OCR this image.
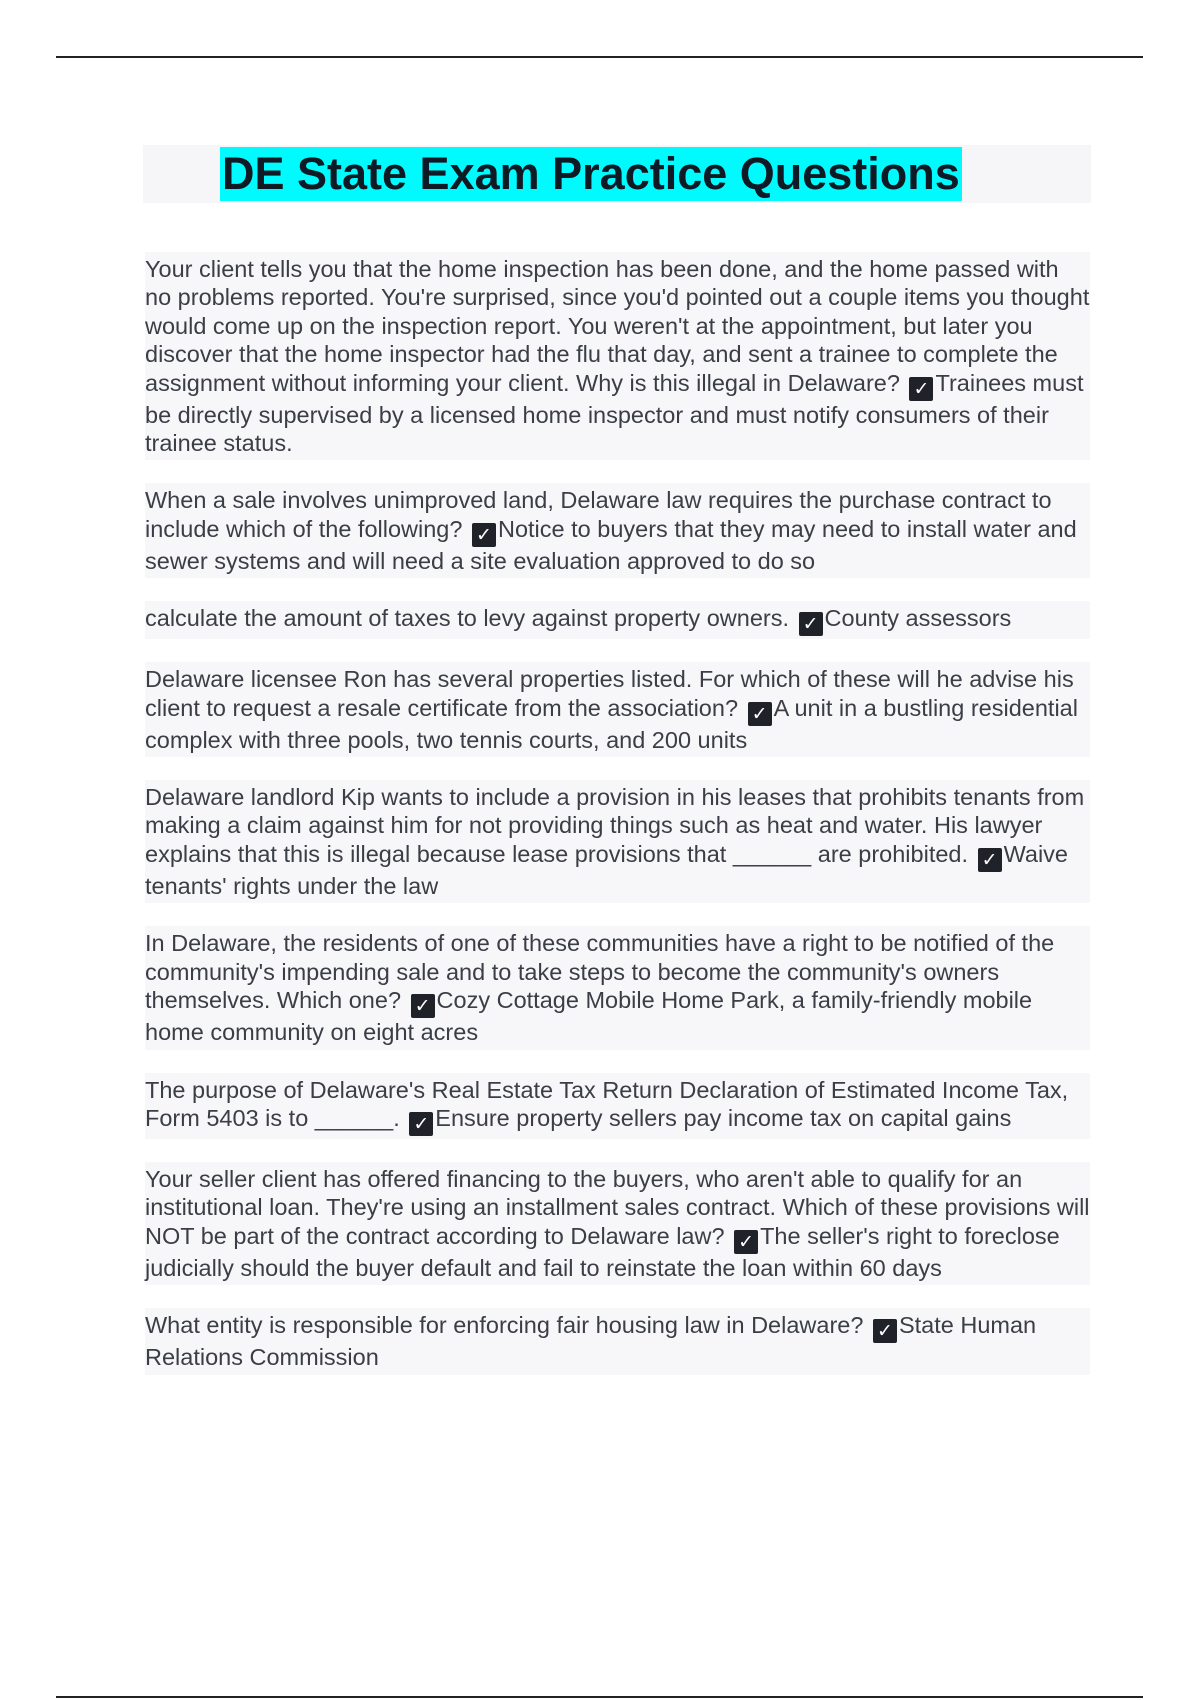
DE State Exam Practice Questions
Your client tells you that the home inspection has been done, and the home passed with no problems reported. You're surprised, since you'd pointed out a couple items you thought would come up on the inspection report. You weren't at the appointment, but later you discover that the home inspector had the flu that day, and sent a trainee to complete the assignment without informing your client. Why is this illegal in Delaware? ✓ Trainees must be directly supervised by a licensed home inspector and must notify consumers of their trainee status.
When a sale involves unimproved land, Delaware law requires the purchase contract to include which of the following? ✓ Notice to buyers that they may need to install water and sewer systems and will need a site evaluation approved to do so
calculate the amount of taxes to levy against property owners. ✓ County assessors
Delaware licensee Ron has several properties listed. For which of these will he advise his client to request a resale certificate from the association? ✓ A unit in a bustling residential complex with three pools, two tennis courts, and 200 units
Delaware landlord Kip wants to include a provision in his leases that prohibits tenants from making a claim against him for not providing things such as heat and water. His lawyer explains that this is illegal because lease provisions that ______ are prohibited. ✓ Waive tenants' rights under the law
In Delaware, the residents of one of these communities have a right to be notified of the community's impending sale and to take steps to become the community's owners themselves. Which one? ✓ Cozy Cottage Mobile Home Park, a family-friendly mobile home community on eight acres
The purpose of Delaware's Real Estate Tax Return Declaration of Estimated Income Tax, Form 5403 is to ______. ✓ Ensure property sellers pay income tax on capital gains
Your seller client has offered financing to the buyers, who aren't able to qualify for an institutional loan. They're using an installment sales contract. Which of these provisions will NOT be part of the contract according to Delaware law? ✓ The seller's right to foreclose judicially should the buyer default and fail to reinstate the loan within 60 days
What entity is responsible for enforcing fair housing law in Delaware? ✓ State Human Relations Commission
